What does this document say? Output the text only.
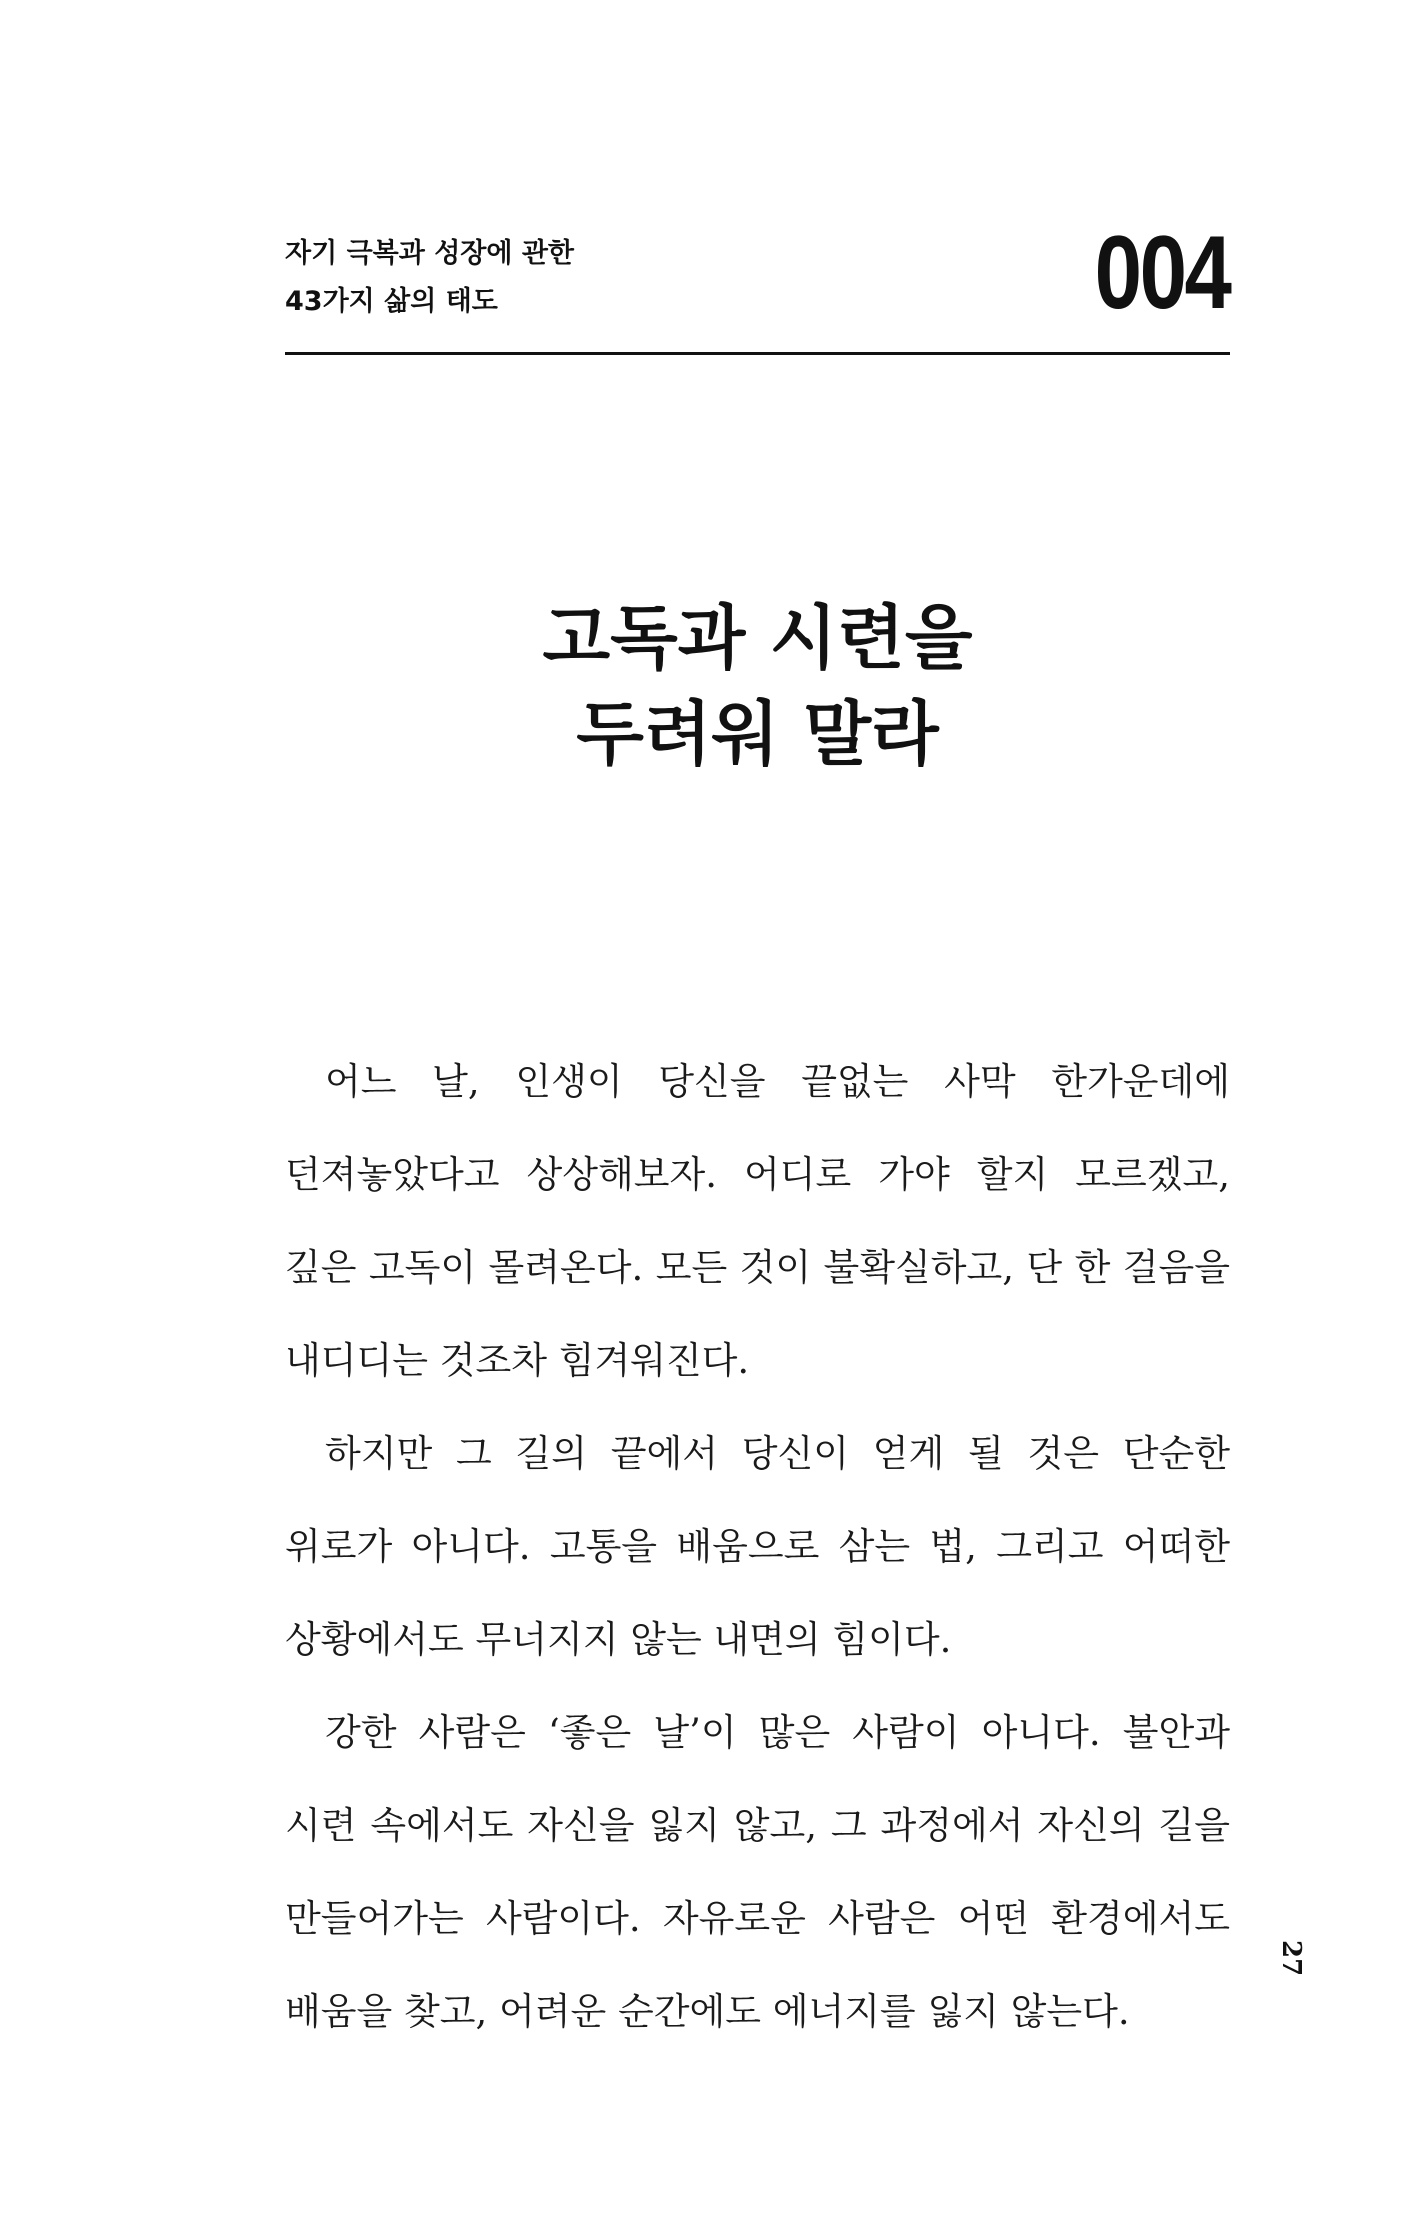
자기 극복과 성장에 관한
43가지 삶의 태도	004
고독과 시련을
두려워 말라

어느 날, 인생이 당신을 끝없는 사막 한가운데에 던져놓았다고 상상해보자. 어디로 가야 할지 모르겠고, 깊은 고독이 몰려온다. 모든 것이 불확실하고, 단 한 걸음을 내디디는 것조차 힘겨워진다.

하지만 그 길의 끝에서 당신이 얻게 될 것은 단순한 위로가 아니다. 고통을 배움으로 삼는 법, 그리고 어떠한 상황에서도 무너지지 않는 내면의 힘이다.

강한 사람은 ‘좋은 날’이 많은 사람이 아니다. 불안과 시련 속에서도 자신을 잃지 않고, 그 과정에서 자신의 길을 만들어가는 사람이다. 자유로운 사람은 어떤 환경에서도 배움을 찾고, 어려운 순간에도 에너지를 잃지 않는다.

27
